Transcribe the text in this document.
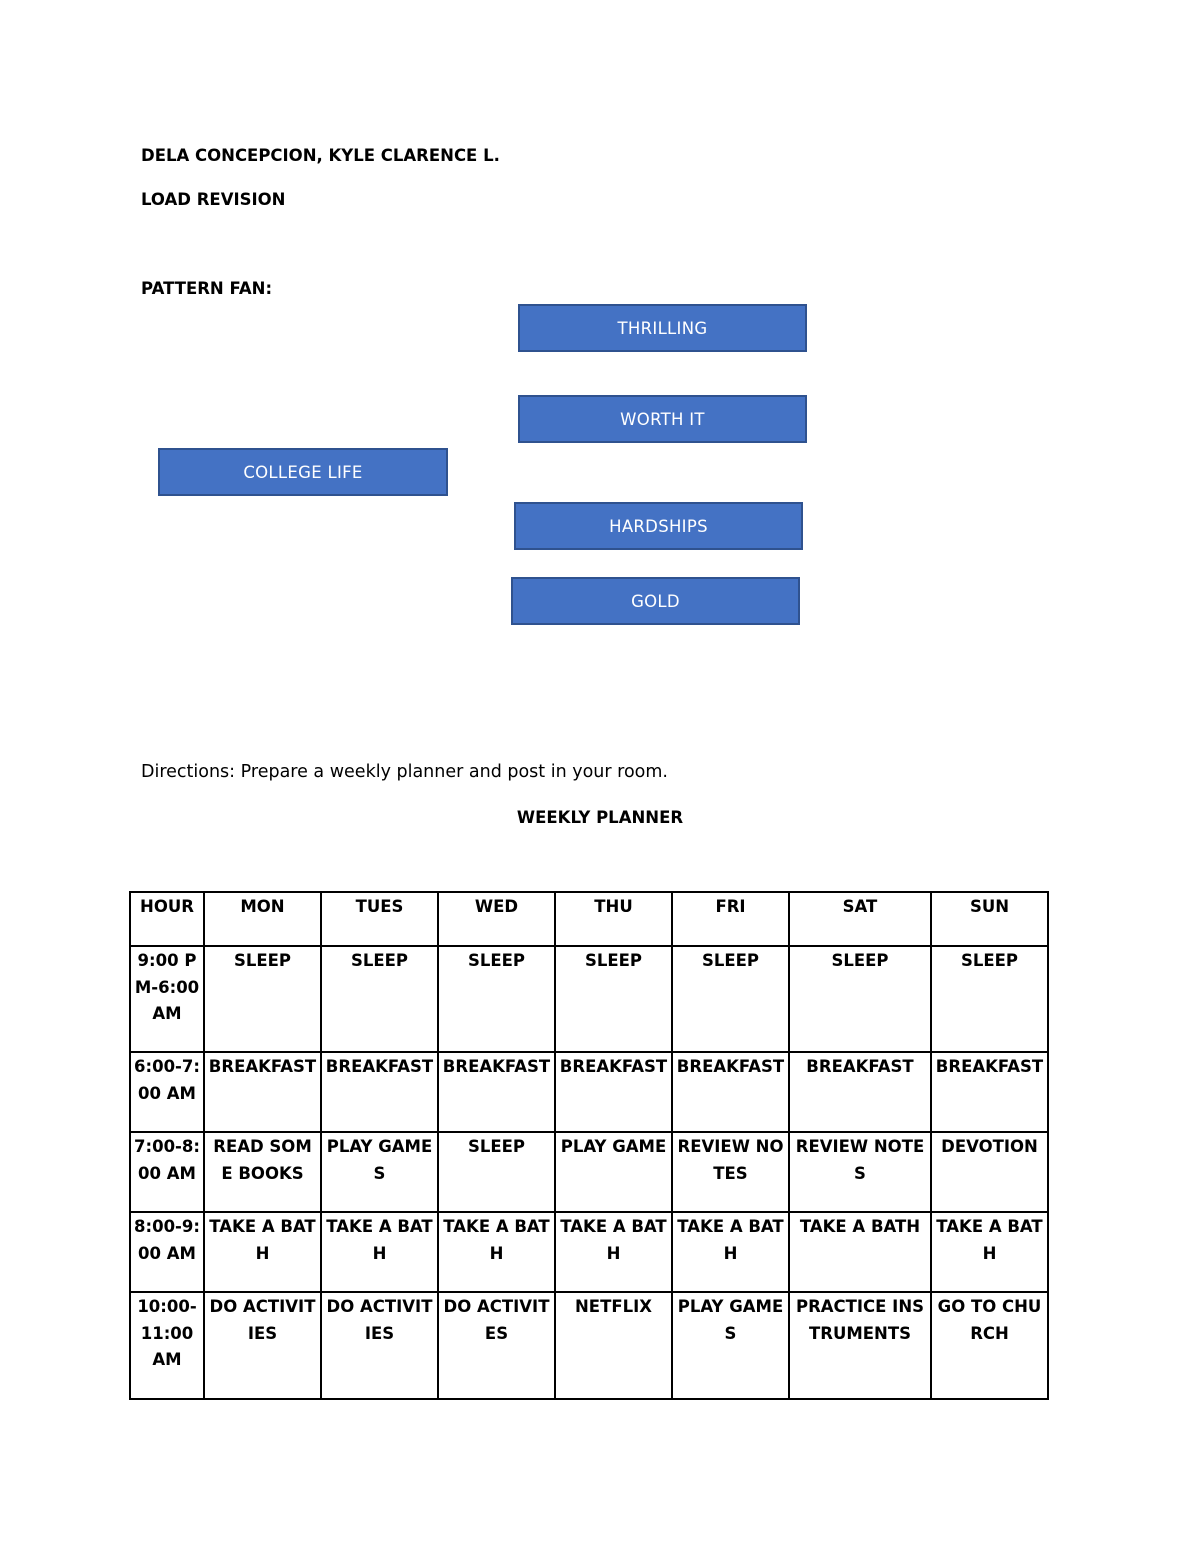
DELA CONCEPCION, KYLE CLARENCE L.
LOAD REVISION
PATTERN FAN:
THRILLING
WORTH IT
COLLEGE LIFE
HARDSHIPS
GOLD
Directions: Prepare a weekly planner and post in your room.
WEEKLY PLANNER
HOUR	MON	TUES	WED	THU	FRI	SAT	SUN
9:00 PM-6:00 AM	SLEEP	SLEEP	SLEEP	SLEEP	SLEEP	SLEEP	SLEEP
6:00-7:00 AM	BREAKFAST	BREAKFAST	BREAKFAST	BREAKFAST	BREAKFAST	BREAKFAST	BREAKFAST
7:00-8:00 AM	READ SOME BOOKS	PLAY GAMES	SLEEP	PLAY GAME	REVIEW NOTES	REVIEW NOTES	DEVOTION
8:00-9:00 AM	TAKE A BATH	TAKE A BATH	TAKE A BATH	TAKE A BATH	TAKE A BATH	TAKE A BATH	TAKE A BATH
10:00-11:00 AM	DO ACTIVITIES	DO ACTIVITIES	DO ACTIVITES	NETFLIX	PLAY GAMES	PRACTICE INSTRUMENTS	GO TO CHURCH
